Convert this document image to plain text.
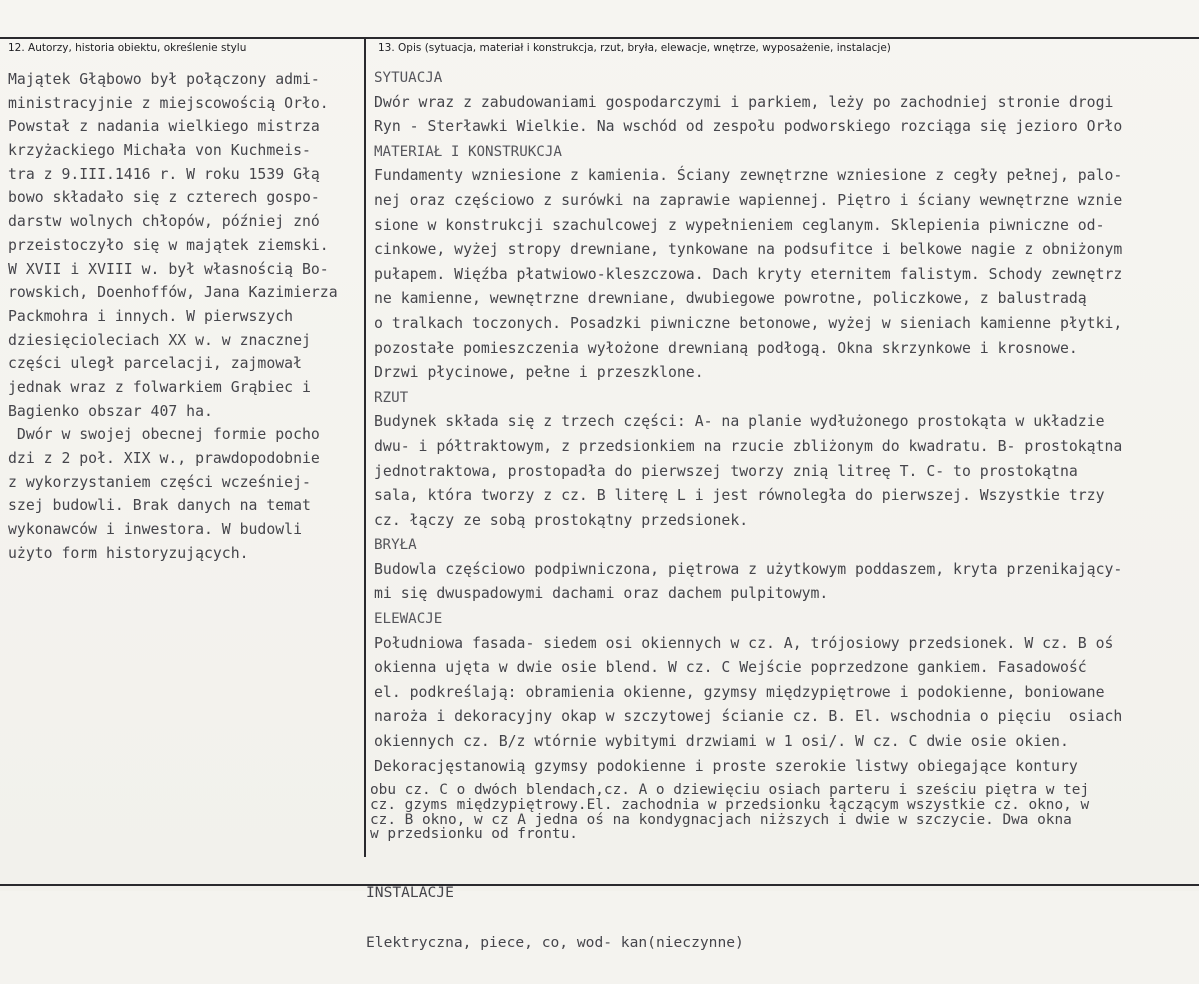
12. Autorzy, historia obiektu, określenie stylu	13. Opis (sytuacja, materiał i konstrukcja, rzut, bryła, elewacje, wnętrze, wyposażenie, instalacje)
Majątek Głąbowo był połączony admi-
ministracyjnie z miejscowością Orło.
Powstał z nadania wielkiego mistrza
krzyżackiego Michała von Kuchmeis-
tra z 9.III.1416 r. W roku 1539 Głą
bowo składało się z czterech gospo-
darstw wolnych chłopów, później znó
przeistoczyło się w majątek ziemski.
W XVII i XVIII w. był własnością Bo-
rowskich, Doenhoffów, Jana Kazimierza
Packmohra i innych. W pierwszych
dziesięcioleciach XX w. w znacznej
części uległ parcelacji, zajmował
jednak wraz z folwarkiem Grąbiec i
Bagienko obszar 407 ha.
Dwór w swojej obecnej formie pocho
dzi z 2 poł. XIX w., prawdopodobnie
z wykorzystaniem części wcześniej-
szej budowli. Brak danych na temat
wykonawców i inwestora. W budowli
użyto form historyzujących.
SYTUACJA
Dwór wraz z zabudowaniami gospodarczymi i parkiem, leży po zachodniej stronie drogi
Ryn - Sterławki Wielkie. Na wschód od zespołu podworskiego rozciąga się jezioro Orło
MATERIAŁ I KONSTRUKCJA
Fundamenty wzniesione z kamienia. Ściany zewnętrzne wzniesione z cegły pełnej, palo-
nej oraz częściowo z surówki na zaprawie wapiennej. Piętro i ściany wewnętrzne wznie
sione w konstrukcji szachulcowej z wypełnieniem ceglanym. Sklepienia piwniczne od-
cinkowe, wyżej stropy drewniane, tynkowane na podsufitce i belkowe nagie z obniżonym
pułapem. Więźba płatwiowo-kleszczowa. Dach kryty eternitem falistym. Schody zewnętrz
ne kamienne, wewnętrzne drewniane, dwubiegowe powrotne, policzkowe, z balustradą
o tralkach toczonych. Posadzki piwniczne betonowe, wyżej w sieniach kamienne płytki,
pozostałe pomieszczenia wyłożone drewnianą podłogą. Okna skrzynkowe i krosnowe.
Drzwi płycinowe, pełne i przeszklone.
RZUT
Budynek składa się z trzech części: A- na planie wydłużonego prostokąta w układzie
dwu- i półtraktowym, z przedsionkiem na rzucie zbliżonym do kwadratu. B- prostokątna
jednotraktowa, prostopadła do pierwszej tworzy znią litreę T. C- to prostokątna
sala, która tworzy z cz. B literę L i jest równoległa do pierwszej. Wszystkie trzy
cz. łączy ze sobą prostokątny przedsionek.
BRYŁA
Budowla częściowo podpiwniczona, piętrowa z użytkowym poddaszem, kryta przenikający-
mi się dwuspadowymi dachami oraz dachem pulpitowym.
ELEWACJE
Południowa fasada- siedem osi okiennych w cz. A, trójosiowy przedsionek. W cz. B oś
okienna ujęta w dwie osie blend. W cz. C Wejście poprzedzone gankiem. Fasadowość
el. podkreślają: obramienia okienne, gzymsy międzypiętrowe i podokienne, boniowane
naroża i dekoracyjny okap w szczytowej ścianie cz. B. El. wschodnia o pięciu  osiach
okiennych cz. B/z wtórnie wybitymi drzwiami w 1 osi/. W cz. C dwie osie okien.
Dekoracjęstanowią gzymsy podokienne i proste szerokie listwy obiegające kontury
obu cz. C o dwóch blendach,cz. A o dziewięciu osiach parteru i sześciu piętra w tej
cz. gzyms międzypiętrowy.El. zachodnia w przedsionku łączącym wszystkie cz. okno, w
cz. B okno, w cz A jedna oś na kondygnacjach niższych i dwie w szczycie. Dwa okna
w przedsionku od frontu.

INSTALACJE

Elektryczna, piece, co, wod- kan(nieczynne)
